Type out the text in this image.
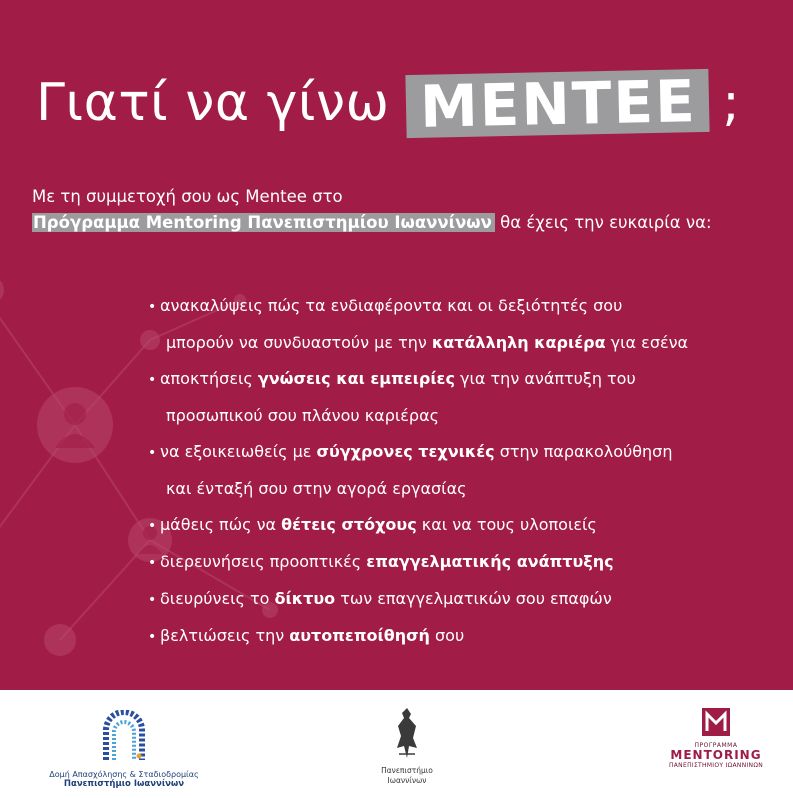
Γιατί να γίνω MENTEE ;
Με τη συμμετοχή σου ως Mentee στο
Πρόγραμμα Mentoring Πανεπιστημίου Ιωαννίνων θα έχεις την ευκαιρία να:
• ανακαλύψεις πώς τα ενδιαφέροντα και οι δεξιότητές σου
μπορούν να συνδυαστούν με την κατάλληλη καριέρα για εσένα
• αποκτήσεις γνώσεις και εμπειρίες για την ανάπτυξη του
προσωπικού σου πλάνου καριέρας
• να εξοικειωθείς με σύγχρονες τεχνικές στην παρακολούθηση
και ένταξή σου στην αγορά εργασίας
• μάθεις πώς να θέτεις στόχους και να τους υλοποιείς
• διερευνήσεις προοπτικές επαγγελματικής ανάπτυξης
• διευρύνεις το δίκτυο των επαγγελματικών σου επαφών
• βελτιώσεις την αυτοπεποίθησή σου
Δομή Απασχόλησης & Σταδιοδρομίας
Πανεπιστήμιο Ιωαννίνων
Πανεπιστήμιο
Ιωαννίνων
ΠΡΟΓΡΑΜΜΑ
MENTORING
ΠΑΝΕΠΙΣΤΗΜΙΟΥ ΙΩΑΝΝΙΝΩΝ
